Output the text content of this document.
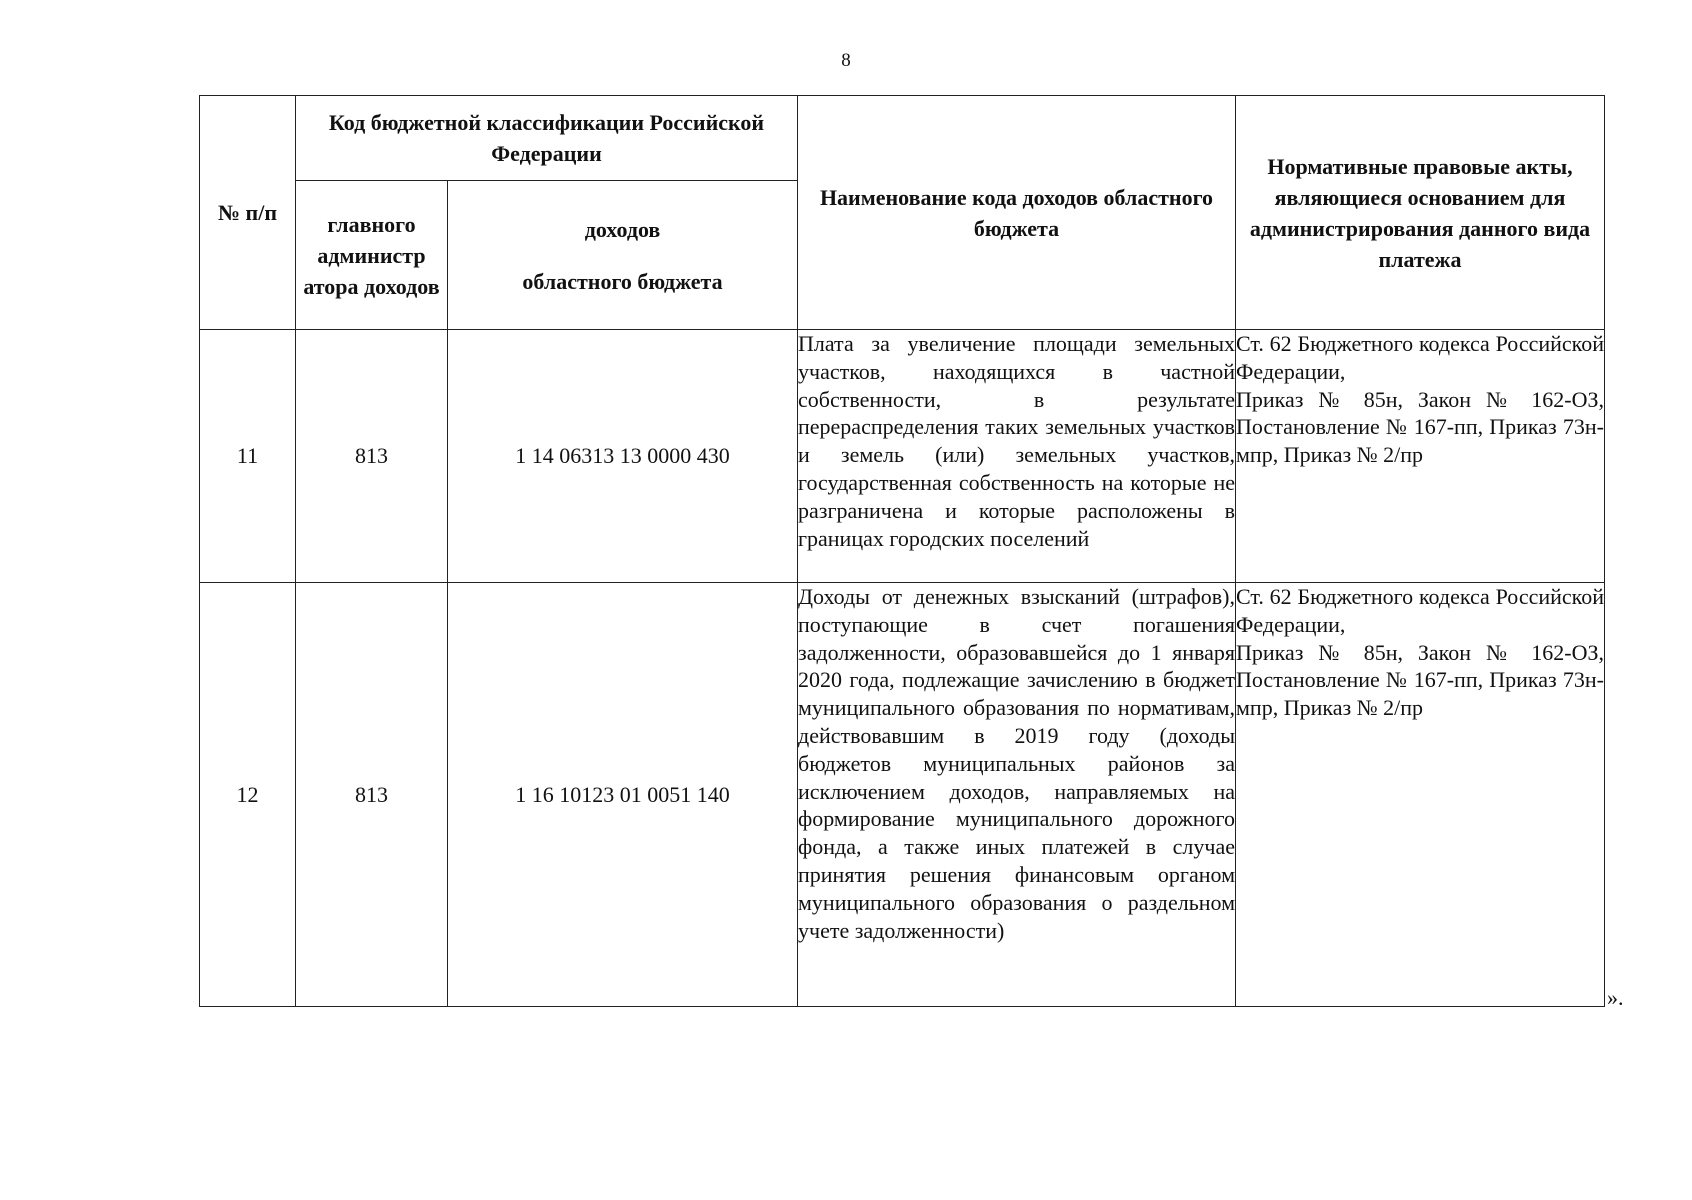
8
№ п/п	Код бюджетной классификации Российской Федерации		Наименование кода доходов областного бюджета	Нормативные правовые акты, являющиеся основанием для администрирования данного вида платежа
	главного администр атора доходов	доходов
областного бюджета		
11	813	1 14 06313 13 0000 430	Плата за увеличение площади земельных участков, находящихся в частной собственности, в результате перераспределения таких земельных участков и земель (или) земельных участков, государственная собственность на которые не разграничена и которые расположены в границах городских поселений	Ст. 62 Бюджетного кодекса Российской Федерации,
Приказ № 85н, Закон № 162-ОЗ, Постановление № 167-пп, Приказ 73н-мпр, Приказ № 2/пр

12	813	1 16 10123 01 0051 140	Доходы от денежных взысканий (штрафов), поступающие в счет погашения задолженности, образовавшейся до 1 января 2020 года, подлежащие зачислению в бюджет муниципального образования по нормативам, действовавшим в 2019 году (доходы бюджетов муниципальных районов за исключением доходов, направляемых на формирование муниципального дорожного фонда, а также иных платежей в случае принятия решения финансовым органом муниципального образования о раздельном учете задолженности)	Ст. 62 Бюджетного кодекса Российской Федерации,
Приказ № 85н, Закон № 162-ОЗ, Постановление № 167-пп, Приказ 73н-мпр, Приказ № 2/пр
».
